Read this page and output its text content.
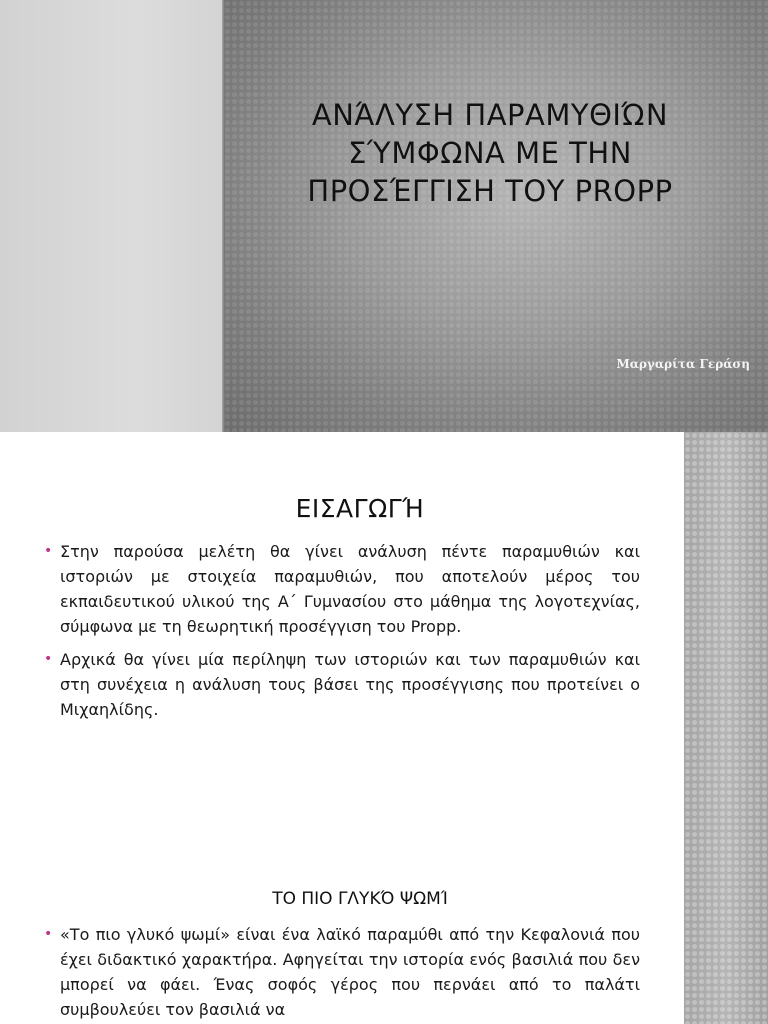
ΑΝΆΛΥΣΗ ΠΑΡΑΜΥΘΙΏΝ ΣΎΜΦΩΝΑ ΜΕ ΤΗΝ ΠΡΟΣΈΓΓΙΣΗ ΤΟΥ PROPP

Μαργαρίτα Γεράση

ΕΙΣΑΓΩΓΉ
• Στην παρούσα μελέτη θα γίνει ανάλυση πέντε παραμυθιών και ιστοριών με στοιχεία παραμυθιών, που αποτελούν μέρος του εκπαιδευτικού υλικού της Α΄ Γυμνασίου στο μάθημα της λογοτεχνίας, σύμφωνα με τη θεωρητική προσέγγιση του Propp.
• Αρχικά θα γίνει μία περίληψη των ιστοριών και των παραμυθιών και στη συνέχεια η ανάλυση τους βάσει της προσέγγισης που προτείνει ο Μιχαηλίδης.
ΤΟ ΠΙΟ ΓΛΥΚΌ ΨΩΜΊ
• «Το πιο γλυκό ψωμί» είναι ένα λαϊκό παραμύθι από την Κεφαλονιά που έχει διδακτικό χαρακτήρα. Αφηγείται την ιστορία ενός βασιλιά που δεν μπορεί να φάει. Ένας σοφός γέρος που περνάει από το παλάτι συμβουλεύει τον βασιλιά να
